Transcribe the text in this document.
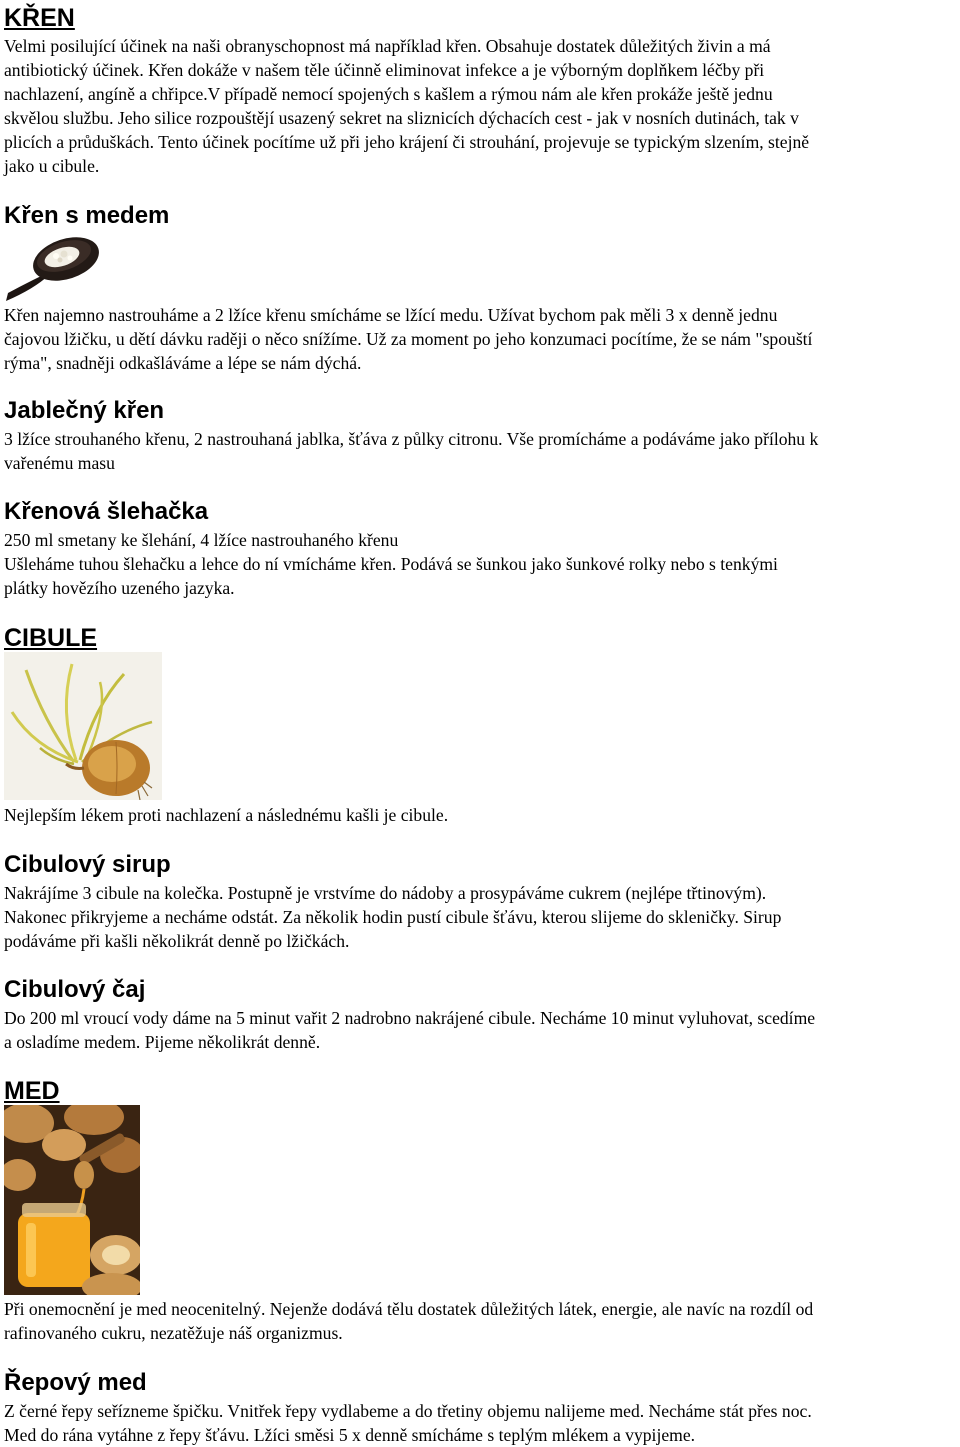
KŘEN
Velmi posilující účinek na naši obranyschopnost má například křen. Obsahuje dostatek důležitých živin a má
antibiotický účinek. Křen dokáže v našem těle účinně eliminovat infekce a je výborným doplňkem léčby při
nachlazení, angíně a chřipce.V případě nemocí spojených s kašlem a rýmou nám ale křen prokáže ještě jednu
skvělou službu. Jeho silice rozpouštějí usazený sekret na sliznicích dýchacích cest - jak v nosních dutinách, tak v
plicích a průduškách. Tento účinek pocítíme už při jeho krájení či strouhání, projevuje se typickým slzením, stejně
jako u cibule.
Křen s medem
Křen najemno nastrouháme a 2 lžíce křenu smícháme se lžící medu. Užívat bychom pak měli 3 x denně jednu
čajovou lžičku, u dětí dávku raději o něco snížíme. Už za moment po jeho konzumaci pocítíme, že se nám "spouští
rýma", snadněji odkašláváme a lépe se nám dýchá.
Jablečný křen
3 lžíce strouhaného křenu, 2 nastrouhaná jablka, šťáva z půlky citronu. Vše promícháme a podáváme jako přílohu k
vařenému masu
Křenová šlehačka
250 ml smetany ke šlehání, 4 lžíce nastrouhaného křenu
Ušleháme tuhou šlehačku a lehce do ní vmícháme křen. Podává se šunkou jako šunkové rolky nebo s tenkými
plátky hovězího uzeného jazyka.
CIBULE
Nejlepším lékem proti nachlazení a následnému kašli je cibule.
Cibulový sirup
Nakrájíme 3 cibule na kolečka. Postupně je vrstvíme do nádoby a prosypáváme cukrem (nejlépe třtinovým).
Nakonec přikryjeme a necháme odstát. Za několik hodin pustí cibule šťávu, kterou slijeme do skleničky. Sirup
podáváme při kašli několikrát denně po lžičkách.
Cibulový čaj
Do 200 ml vroucí vody dáme na 5 minut vařit 2 nadrobno nakrájené cibule. Necháme 10 minut vyluhovat, scedíme
a osladíme medem. Pijeme několikrát denně.
MED
Při onemocnění je med neocenitelný. Nejenže dodává tělu dostatek důležitých látek, energie, ale navíc na rozdíl od
rafinovaného cukru, nezatěžuje náš organizmus.
Řepový med
Z černé řepy seřízneme špičku. Vnitřek řepy vydlabeme a do třetiny objemu nalijeme med. Necháme stát přes noc.
Med do rána vytáhne z řepy šťávu. Lžíci směsi 5 x denně smícháme s teplým mlékem a vypijeme.
